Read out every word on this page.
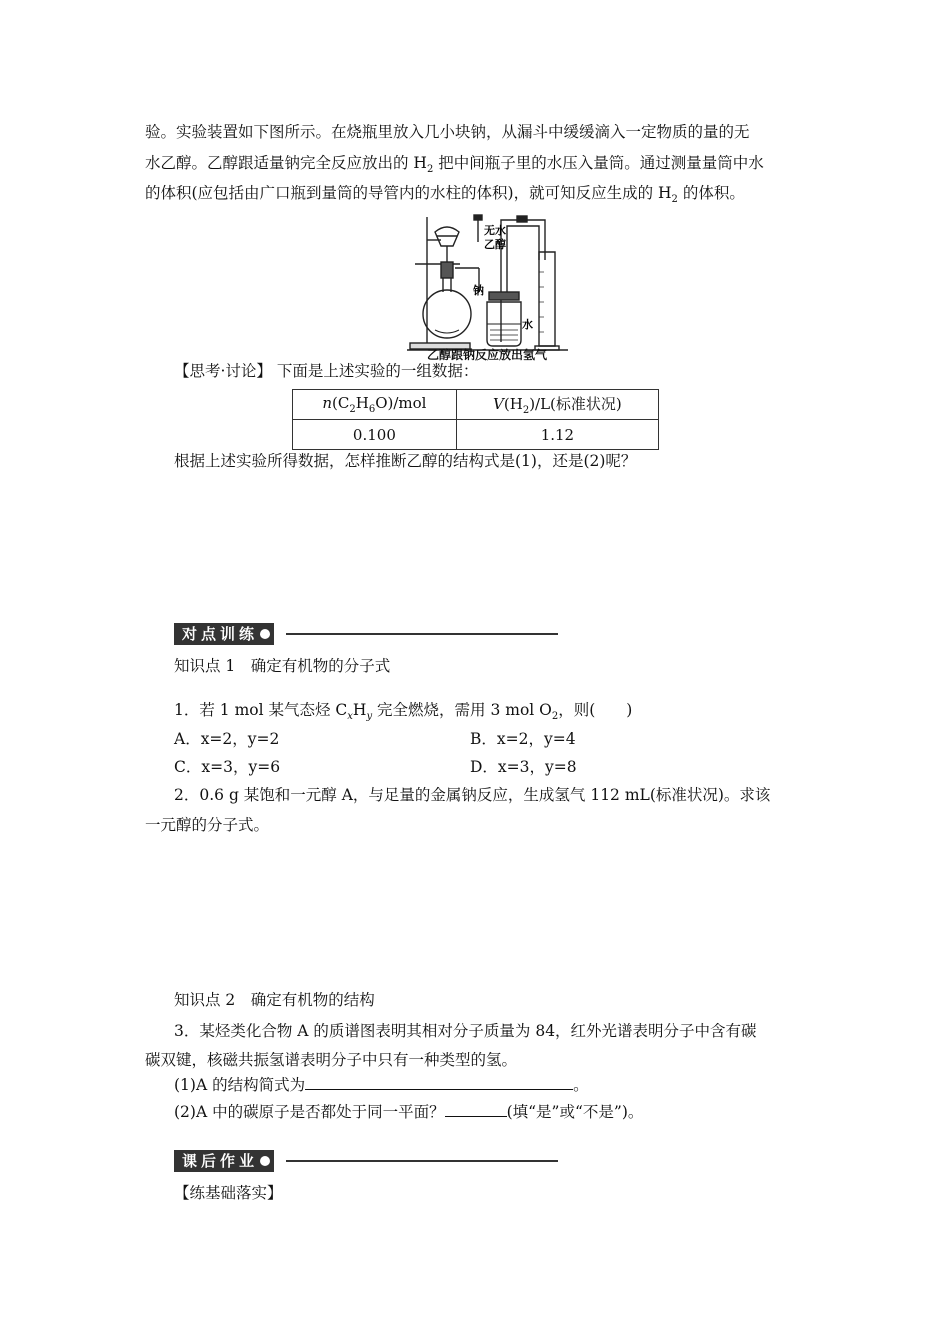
验。实验装置如下图所示。在烧瓶里放入几小块钠，从漏斗中缓缓滴入一定物质的量的无
水乙醇。乙醇跟适量钠完全反应放出的 $H_2$ 把中间瓶子里的水压入量筒。通过测量量筒中水
的体积(应包括由广口瓶到量筒的导管内的水柱的体积)，就可知反应生成的 $H_2$ 的体积。
无水
乙醇
钠
水
乙醇跟钠反应放出氢气
【思考·讨论】 下面是上述实验的一组数据：
$n(C_2H_6O)$/mol	$V(H_2)/L$(标准状况)
0.100	1.12
根据上述实验所得数据，怎样推断乙醇的结构式是(1)，还是(2)呢？
对点训练
知识点 1　确定有机物的分子式
1．若 1 mol 某气态烃 $C_xH_y$ 完全燃烧，需用 3 mol $O_2$，则(　　)
A．x=2，y=2	B．x=2，y=4
C．x=3，y=6	D．x=3，y=8
2．0.6 g 某饱和一元醇 A，与足量的金属钠反应，生成氢气 112 mL(标准状况)。求该
一元醇的分子式。
知识点 2　确定有机物的结构
3．某烃类化合物 A 的质谱图表明其相对分子质量为 84，红外光谱表明分子中含有碳
碳双键，核磁共振氢谱表明分子中只有一种类型的氢。
(1)A 的结构简式为	。
(2)A 中的碳原子是否都处于同一平面？	(填“是”或“不是”)。
课后作业
【练基础落实】
